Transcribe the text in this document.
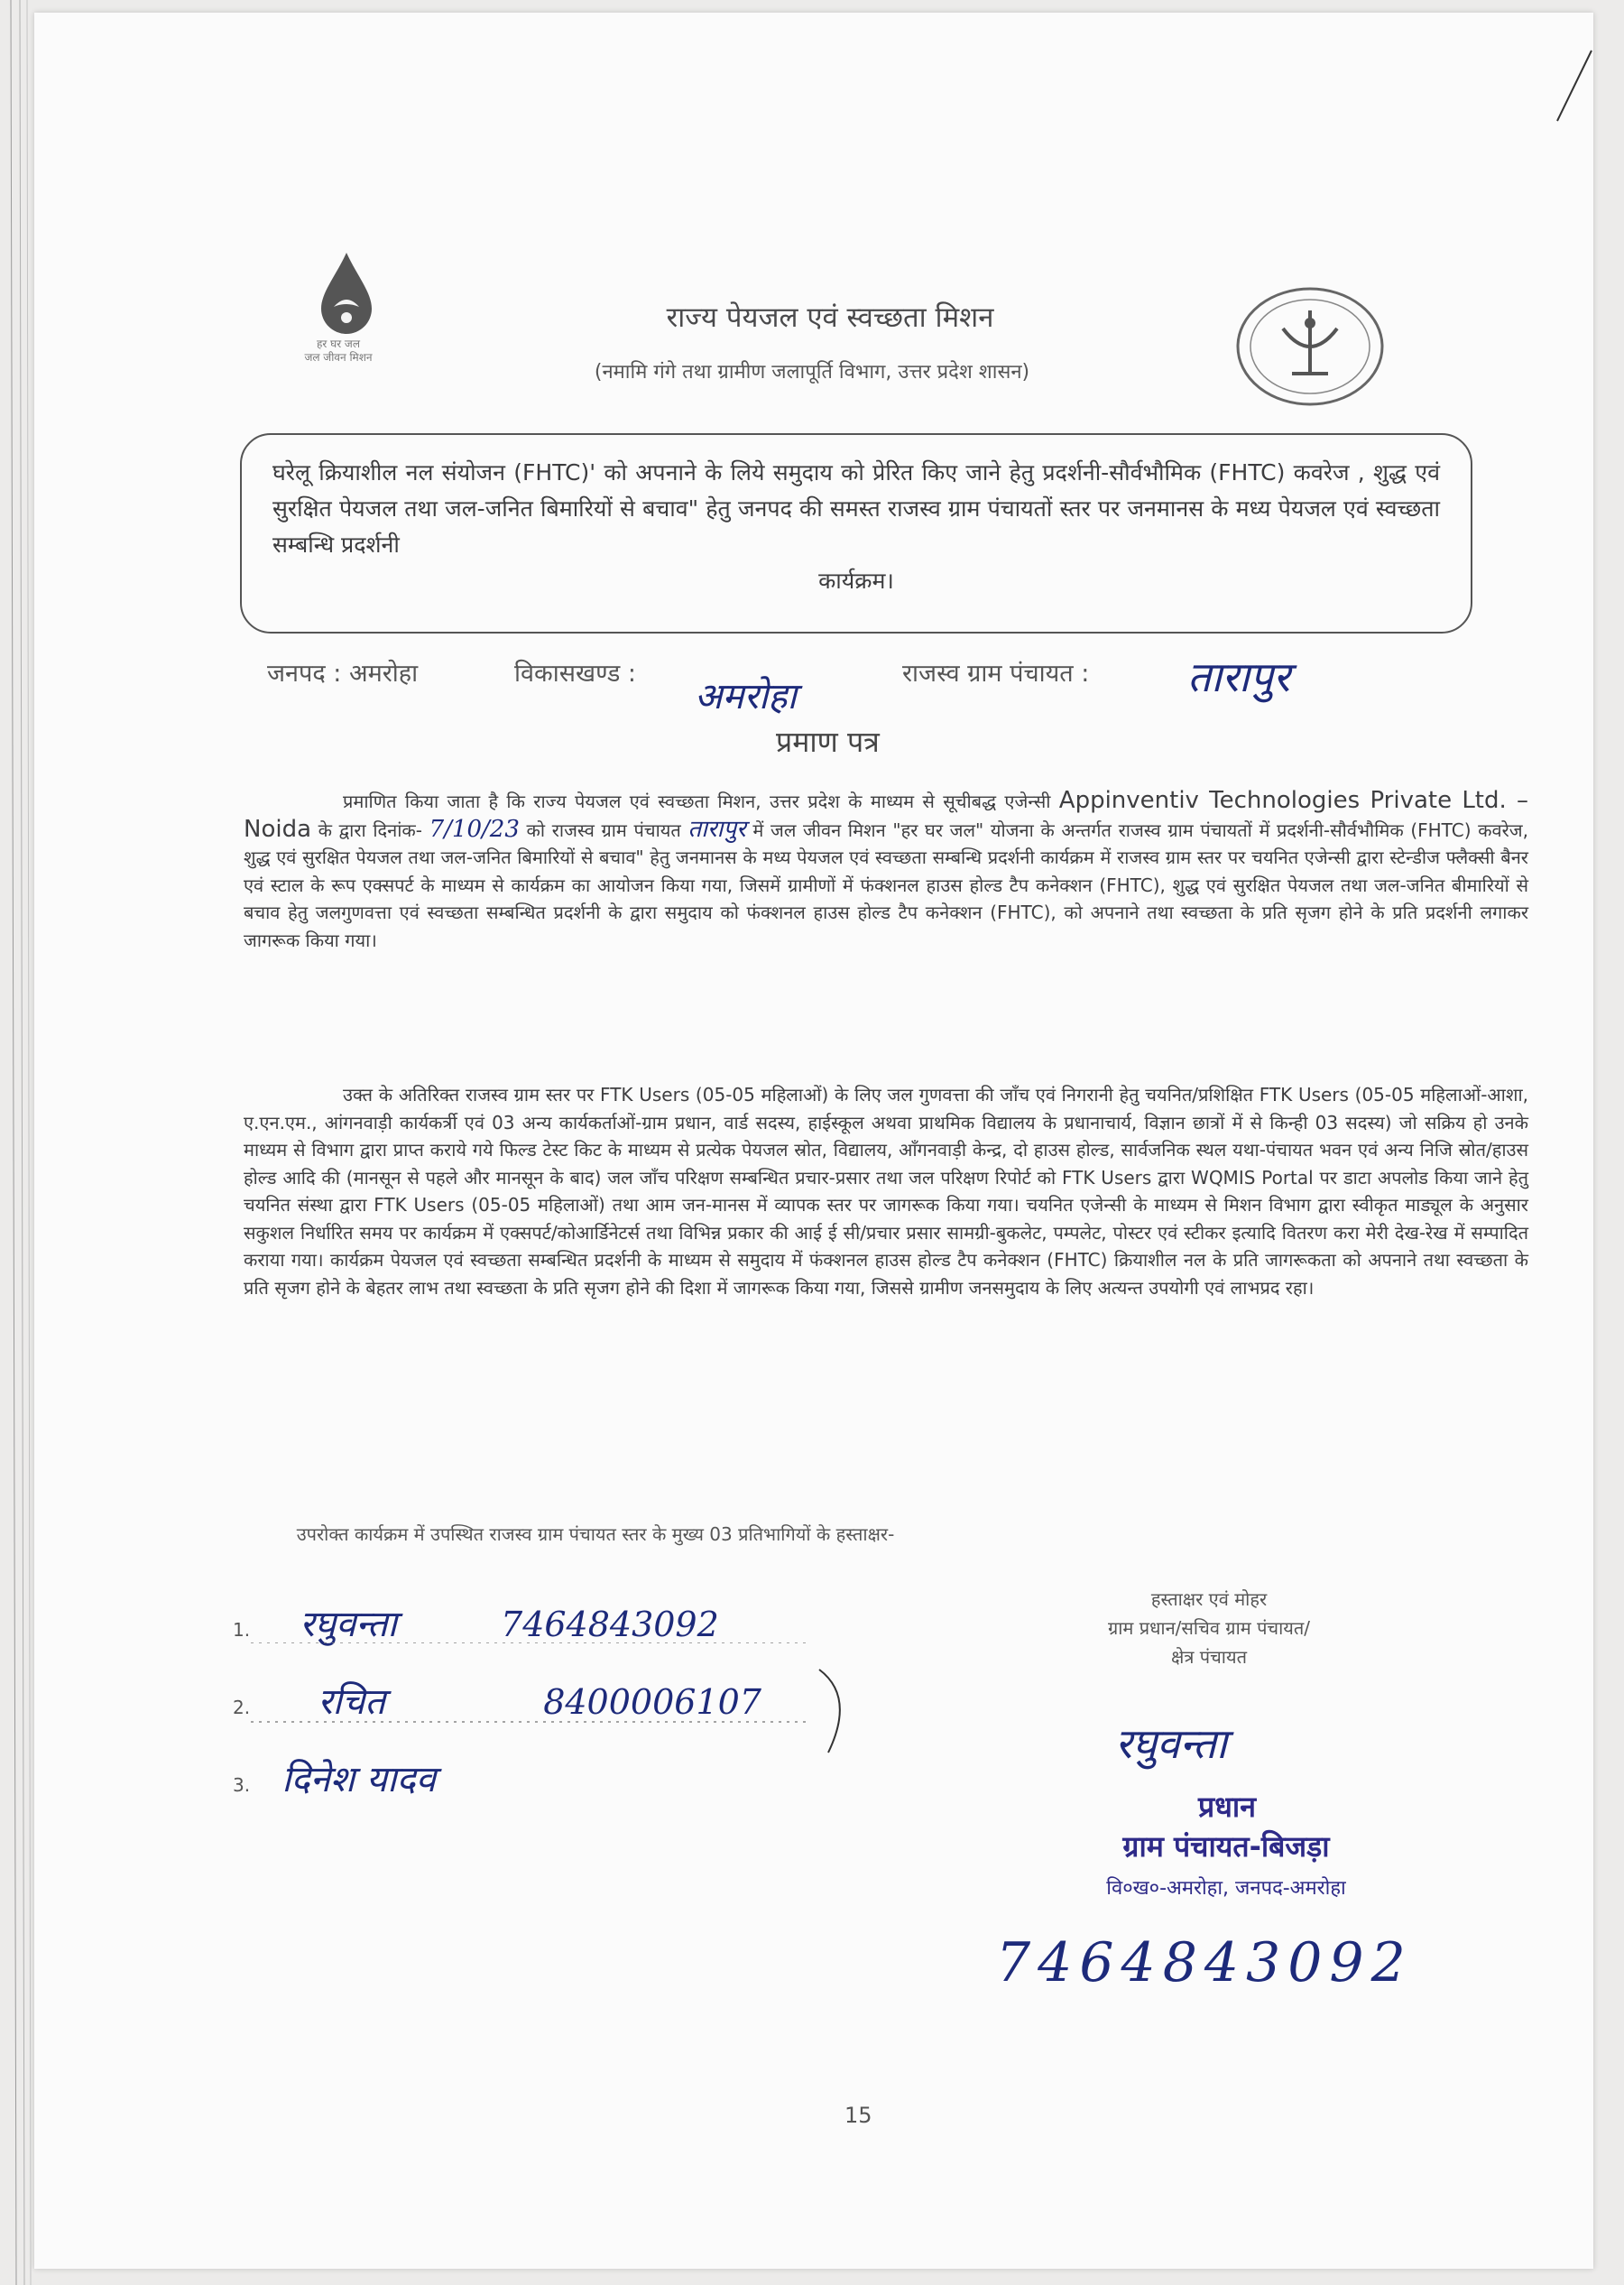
हर घर जल
जल जीवन मिशन
राज्य पेयजल एवं स्वच्छता मिशन
(नमामि गंगे तथा ग्रामीण जलापूर्ति विभाग, उत्तर प्रदेश शासन)

घरेलू क्रियाशील नल संयोजन (FHTC)' को अपनाने के लिये समुदाय को प्रेरित किए जाने हेतु प्रदर्शनी-सौर्वभौमिक (FHTC) कवरेज , शुद्ध एवं सुरक्षित पेयजल तथा जल-जनित बिमारियों से बचाव" हेतु जनपद की समस्त राजस्व ग्राम पंचायतों स्तर पर जनमानस के मध्य पेयजल एवं स्वच्छता सम्बन्धि प्रदर्शनी

कार्यक्रम।

जनपद : अमरोहा	विकासखण्ड :
अमरोहा
राजस्व ग्राम पंचायत : तारापुर
प्रमाण पत्र

प्रमाणित किया जाता है कि राज्य पेयजल एवं स्वच्छता मिशन, उत्तर प्रदेश के माध्यम से सूचीबद्ध एजेन्सी Appinventiv Technologies Private Ltd. – Noida के द्वारा दिनांक- 7/10/23 को राजस्व ग्राम पंचायत तारापुर में जल जीवन मिशन "हर घर जल" योजना के अन्तर्गत राजस्व ग्राम पंचायतों में प्रदर्शनी-सौर्वभौमिक (FHTC) कवरेज, शुद्ध एवं सुरक्षित पेयजल तथा जल-जनित बिमारियों से बचाव" हेतु जनमानस के मध्य पेयजल एवं स्वच्छता सम्बन्धि प्रदर्शनी कार्यक्रम में राजस्व ग्राम स्तर पर चयनित एजेन्सी द्वारा स्टेन्डीज फ्लैक्सी बैनर एवं स्टाल के रूप एक्सपर्ट के माध्यम से कार्यक्रम का आयोजन किया गया, जिसमें ग्रामीणों में फंक्शनल हाउस होल्ड टैप कनेक्शन (FHTC), शुद्ध एवं सुरक्षित पेयजल तथा जल-जनित बीमारियों से बचाव हेतु जलगुणवत्ता एवं स्वच्छता सम्बन्धित प्रदर्शनी के द्वारा समुदाय को फंक्शनल हाउस होल्ड टैप कनेक्शन (FHTC), को अपनाने तथा स्वच्छता के प्रति सृजग होने के प्रति प्रदर्शनी लगाकर जागरूक किया गया।

उक्त के अतिरिक्त राजस्व ग्राम स्तर पर FTK Users (05-05 महिलाओं) के लिए जल गुणवत्ता की जाँच एवं निगरानी हेतु चयनित/प्रशिक्षित FTK Users (05-05 महिलाओं-आशा, ए.एन.एम., आंगनवाड़ी कार्यकर्त्री एवं 03 अन्य कार्यकर्ताओं-ग्राम प्रधान, वार्ड सदस्य, हाईस्कूल अथवा प्राथमिक विद्यालय के प्रधानाचार्य, विज्ञान छात्रों में से किन्ही 03 सदस्य) जो सक्रिय हो उनके माध्यम से विभाग द्वारा प्राप्त कराये गये फिल्ड टेस्ट किट के माध्यम से प्रत्येक पेयजल स्रोत, विद्यालय, आँगनवाड़ी केन्द्र, दो हाउस होल्ड, सार्वजनिक स्थल यथा-पंचायत भवन एवं अन्य निजि स्रोत/हाउस होल्ड आदि की (मानसून से पहले और मानसून के बाद) जल जाँच परिक्षण सम्बन्धित प्रचार-प्रसार तथा जल परिक्षण रिपोर्ट को FTK Users द्वारा WQMIS Portal पर डाटा अपलोड किया जाने हेतु चयनित संस्था द्वारा FTK Users (05-05 महिलाओं) तथा आम जन-मानस में व्यापक स्तर पर जागरूक किया गया। चयनित एजेन्सी के माध्यम से मिशन विभाग द्वारा स्वीकृत माड्यूल के अनुसार सकुशल निर्धारित समय पर कार्यक्रम में एक्सपर्ट/कोआर्डिनेटर्स तथा विभिन्न प्रकार की आई ई सी/प्रचार प्रसार सामग्री-बुकलेट, पम्पलेट, पोस्टर एवं स्टीकर इत्यादि वितरण करा मेरी देख-रेख में सम्पादित कराया गया। कार्यक्रम पेयजल एवं स्वच्छता सम्बन्धित प्रदर्शनी के माध्यम से समुदाय में फंक्शनल हाउस होल्ड टैप कनेक्शन (FHTC) क्रियाशील नल के प्रति जागरूकता को अपनाने तथा स्वच्छता के प्रति सृजग होने के बेहतर लाभ तथा स्वच्छता के प्रति सृजग होने की दिशा में जागरूक किया गया, जिससे ग्रामीण जनसमुदाय के लिए अत्यन्त उपयोगी एवं लाभप्रद रहा।

उपरोक्त कार्यक्रम में उपस्थित राजस्व ग्राम पंचायत स्तर के मुख्य 03 प्रतिभागियों के हस्ताक्षर-
1. रघुवन्ता	7464843092
2. रचित	8400006107
3. दिनेश यादव
हस्ताक्षर एवं मोहर
ग्राम प्रधान/सचिव ग्राम पंचायत/
क्षेत्र पंचायत
रघुवन्ता
प्रधान
ग्राम पंचायत-बिजड़ा
वि०ख०-अमरोहा, जनपद-अमरोहा
7464843092
15
